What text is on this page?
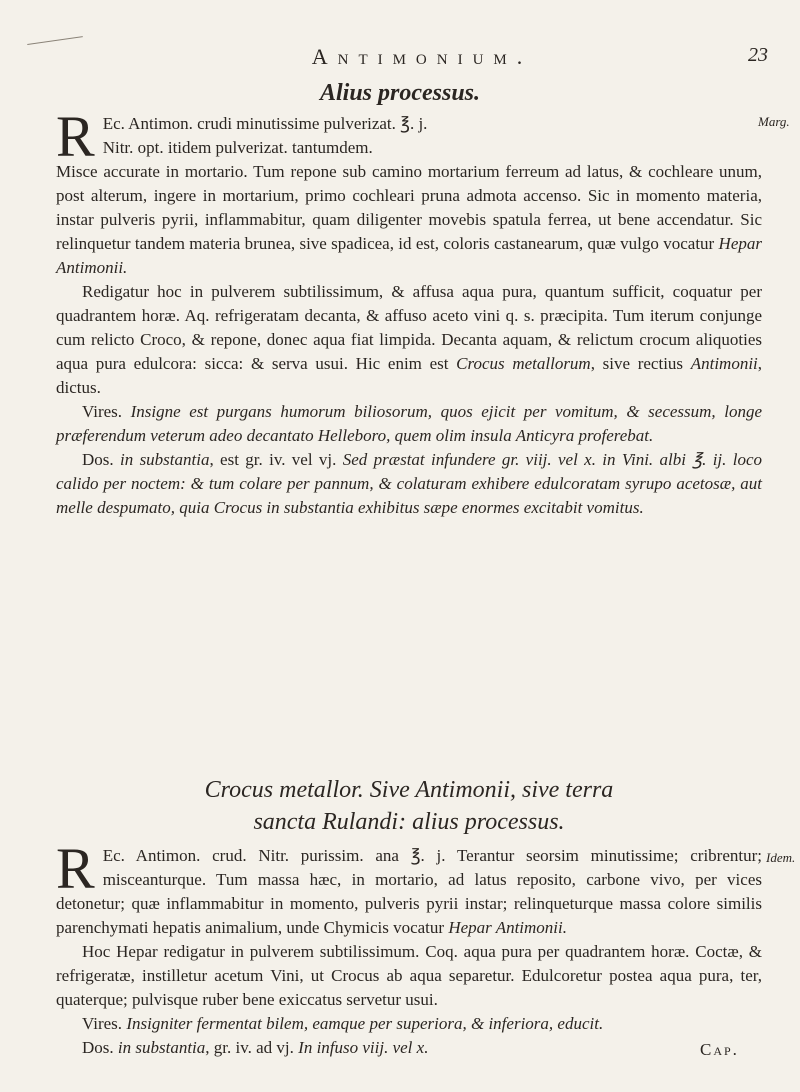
Antimonium.	23
Alius processus.
Marg.
R Ec. Antimon. crudi minutissime pulverizat. ℥. j.

Nitr. opt. itidem pulverizat. tantumdem.

Misce accurate in mortario. Tum repone sub camino mortarium ferreum ad latus, & cochleare unum, post alterum, ingere in mortarium, primo cochleari pruna admota accenso. Sic in momento materia, instar pulveris pyrii, inflammabitur, quam diligenter movebis spatula ferrea, ut bene accendatur. Sic relinquetur tandem materia brunea, sive spadicea, id est, coloris castanearum, quæ vulgo vocatur Hepar Antimonii.

Redigatur hoc in pulverem subtilissimum, & affusa aqua pura, quantum sufficit, coquatur per quadrantem horæ. Aq. refrigeratam decanta, & affuso aceto vini q. s. præcipita. Tum iterum conjunge cum relicto Croco, & repone, donec aqua fiat limpida. Decanta aquam, & relictum crocum aliquoties aqua pura edulcora: sicca: & serva usui. Hic enim est Crocus metallorum, sive rectius Antimonii, dictus.

Vires. Insigne est purgans humorum biliosorum, quos ejicit per vomitum, & secessum, longe præferendum veterum adeo decantato Helleboro, quem olim insula Anticyra proferebat.

Dos. in substantia, est gr. iv. vel vj. Sed præstat infundere gr. viij. vel x. in Vini. albi ℥. ij. loco calido per noctem: & tum colare per pannum, & colaturam exhibere edulcoratam syrupo acetosæ, aut melle despumato, quia Crocus in substantia exhibitus sæpe enormes excitabit vomitus.

Crocus metallor. Sive Antimonii, sive terra
sancta Rulandi: alius processus.
Idem.

R Ec. Antimon. crud. Nitr. purissim. ana ℥. j. Terantur seorsim minutissime; cribrentur; misceanturque. Tum massa hæc, in mortario, ad latus reposito, carbone vivo, per vices detonetur; quæ inflammabitur in momento, pulveris pyrii instar; relinqueturque massa colore similis parenchymati hepatis animalium, unde Chymicis vocatur Hepar Antimonii.

Hoc Hepar redigatur in pulverem subtilissimum. Coq. aqua pura per quadrantem horæ. Coctæ, & refrigeratæ, instilletur acetum Vini, ut Crocus ab aqua separetur. Edulcoretur postea aqua pura, ter, quaterque; pulvisque ruber bene exiccatus servetur usui.

Vires. Insigniter fermentat bilem, eamque per superiora, & inferiora, educit.

Dos. in substantia, gr. iv. ad vj. In infuso viij. vel x.	Cap.
